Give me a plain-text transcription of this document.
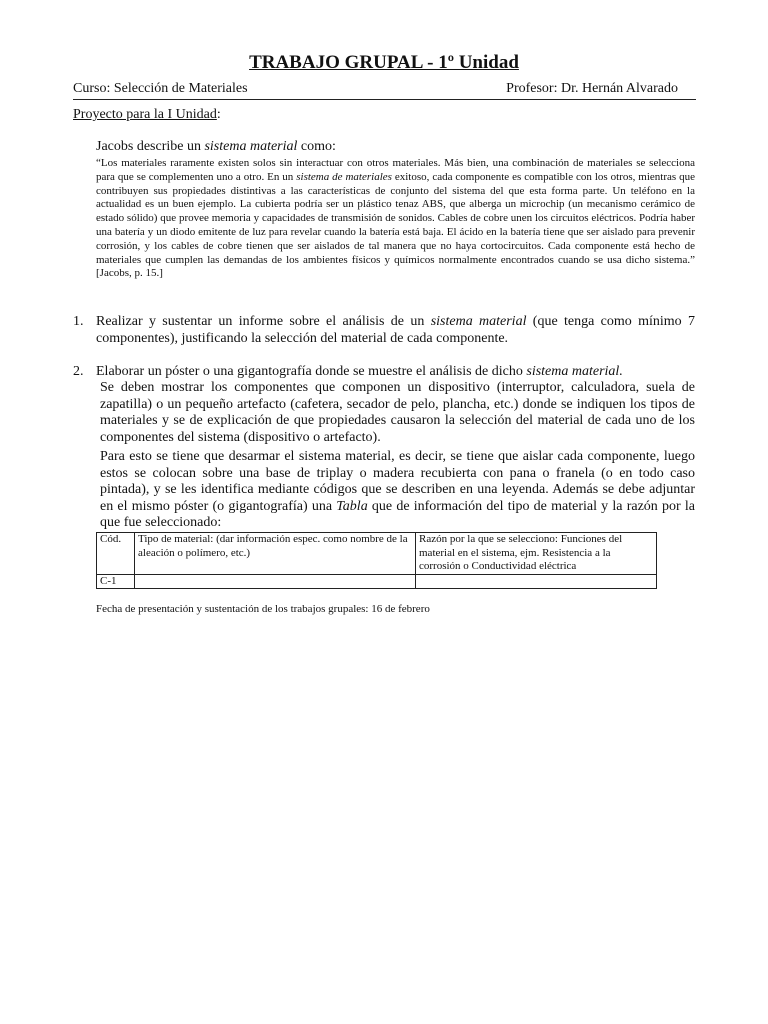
TRABAJO GRUPAL - 1º Unidad
Curso: Selección de Materiales	Profesor: Dr. Hernán Alvarado
Proyecto para la I Unidad:
Jacobs describe un sistema material como:
“Los materiales raramente existen solos sin interactuar con otros materiales. Más bien, una combinación de materiales se selecciona para que se complementen uno a otro. En un sistema de materiales exitoso, cada componente es compatible con los otros, mientras que contribuyen sus propiedades distintivas a las características de conjunto del sistema del que esta forma parte. Un teléfono en la actualidad es un buen ejemplo. La cubierta podría ser un plástico tenaz ABS, que alberga un microchip (un mecanismo cerámico de estado sólido) que provee memoria y capacidades de transmisión de sonidos. Cables de cobre unen los circuitos eléctricos. Podría haber una batería y un diodo emitente de luz para revelar cuando la batería está baja. El ácido en la batería tiene que ser aislado para prevenir corrosión, y los cables de cobre tienen que ser aislados de tal manera que no haya cortocircuitos. Cada componente está hecho de materiales que cumplen las demandas de los ambientes físicos y químicos normalmente encontrados cuando se usa dicho sistema.” [Jacobs, p. 15.]
1. Realizar y sustentar un informe sobre el análisis de un sistema material (que tenga como mínimo 7 componentes), justificando la selección del material de cada componente.
2. Elaborar un póster o una gigantografía donde se muestre el análisis de dicho sistema material.
Se deben mostrar los componentes que componen un dispositivo (interruptor, calculadora, suela de zapatilla) o un pequeño artefacto (cafetera, secador de pelo, plancha, etc.) donde se indiquen los tipos de materiales y se de explicación de que propiedades causaron la selección del material de cada uno de los componentes del sistema (dispositivo o artefacto).
Para esto se tiene que desarmar el sistema material, es decir, se tiene que aislar cada componente, luego estos se colocan sobre una base de triplay o madera recubierta con pana o franela (o en todo caso pintada), y se les identifica mediante códigos que se describen en una leyenda. Además se debe adjuntar en el mismo póster (o gigantografía) una Tabla que de información del tipo de material y la razón por la que fue seleccionado:
Cód.	Tipo de material: (dar información espec. como nombre de la aleación o polímero, etc.)	Razón por la que se selecciono: Funciones del material en el sistema, ejm. Resistencia a la corrosión o Conductividad eléctrica
C-1		
Fecha de presentación y sustentación de los trabajos grupales: 16 de febrero
